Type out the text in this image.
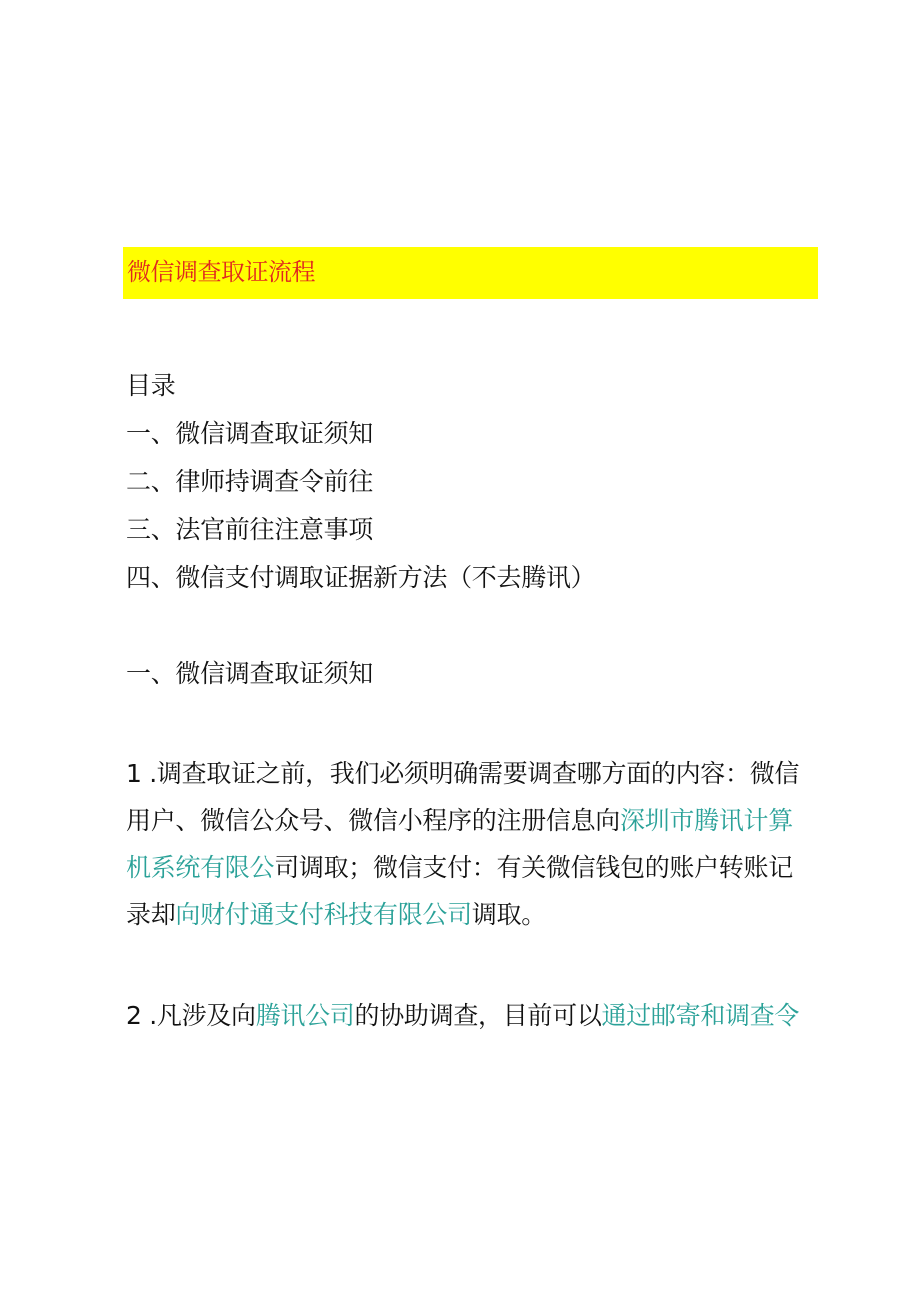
微信调查取证流程
目录
一、微信调查取证须知
二、律师持调查令前往
三、法官前往注意事项
四、微信支付调取证据新方法（不去腾讯）
一、微信调查取证须知
1 .调查取证之前，我们必须明确需要调查哪方面的内容：微信
用户、微信公众号、微信小程序的注册信息向深圳市腾讯计算
机系统有限公司调取；微信支付：有关微信钱包的账户转账记
录却向财付通支付科技有限公司调取。
2 .凡涉及向腾讯公司的协助调查，目前可以通过邮寄和调查令
